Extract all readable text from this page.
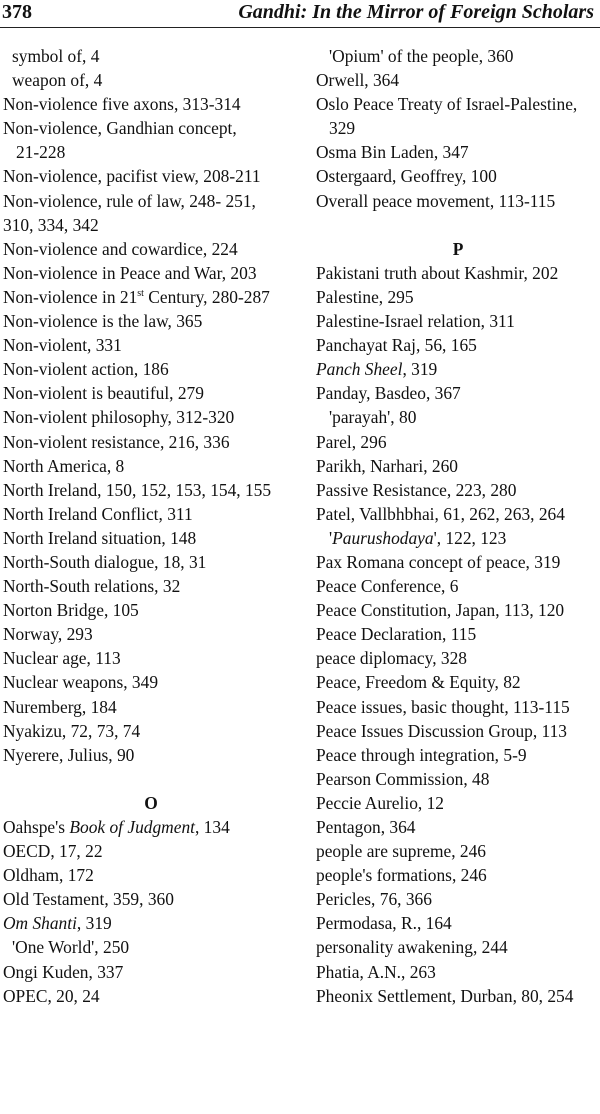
378	Gandhi: In the Mirror of Foreign Scholars

symbol of, 4

weapon of, 4

Non-violence five axons, 313-314

Non-violence, Gandhian concept,

21-228

Non-violence, pacifist view, 208-211

Non-violence, rule of law, 248- 251,

310, 334, 342

Non-violence and cowardice, 224

Non-violence in Peace and War, 203

Non-violence in 21st Century, 280-287

Non-violence is the law, 365

Non-violent, 331

Non-violent action, 186

Non-violent is beautiful, 279

Non-violent philosophy, 312-320

Non-violent resistance, 216, 336

North America, 8

North Ireland, 150, 152, 153, 154, 155

North Ireland Conflict, 311

North Ireland situation, 148

North-South dialogue, 18, 31

North-South relations, 32

Norton Bridge, 105

Norway, 293

Nuclear age, 113

Nuclear weapons, 349

Nuremberg, 184

Nyakizu, 72, 73, 74

Nyerere, Julius, 90

O

Oahspe's Book of Judgment, 134

OECD, 17, 22

Oldham, 172

Old Testament, 359, 360

Om Shanti, 319

'One World', 250

Ongi Kuden, 337

OPEC, 20, 24

'Opium' of the people, 360

Orwell, 364

Oslo Peace Treaty of Israel-Palestine,

329

Osma Bin Laden, 347

Ostergaard, Geoffrey, 100

Overall peace movement, 113-115

P

Pakistani truth about Kashmir, 202

Palestine, 295

Palestine-Israel relation, 311

Panchayat Raj, 56, 165

Panch Sheel, 319

Panday, Basdeo, 367

'parayah', 80

Parel, 296

Parikh, Narhari, 260

Passive Resistance, 223, 280

Patel, Vallbhbhai, 61, 262, 263, 264

'Paurushodaya', 122, 123

Pax Romana concept of peace, 319

Peace Conference, 6

Peace Constitution, Japan, 113, 120

Peace Declaration, 115

peace diplomacy, 328

Peace, Freedom & Equity, 82

Peace issues, basic thought, 113-115

Peace Issues Discussion Group, 113

Peace through integration, 5-9

Pearson Commission, 48

Peccie Aurelio, 12

Pentagon, 364

people are supreme, 246

people's formations, 246

Pericles, 76, 366

Permodasa, R., 164

personality awakening, 244

Phatia, A.N., 263

Pheonix Settlement, Durban, 80, 254
